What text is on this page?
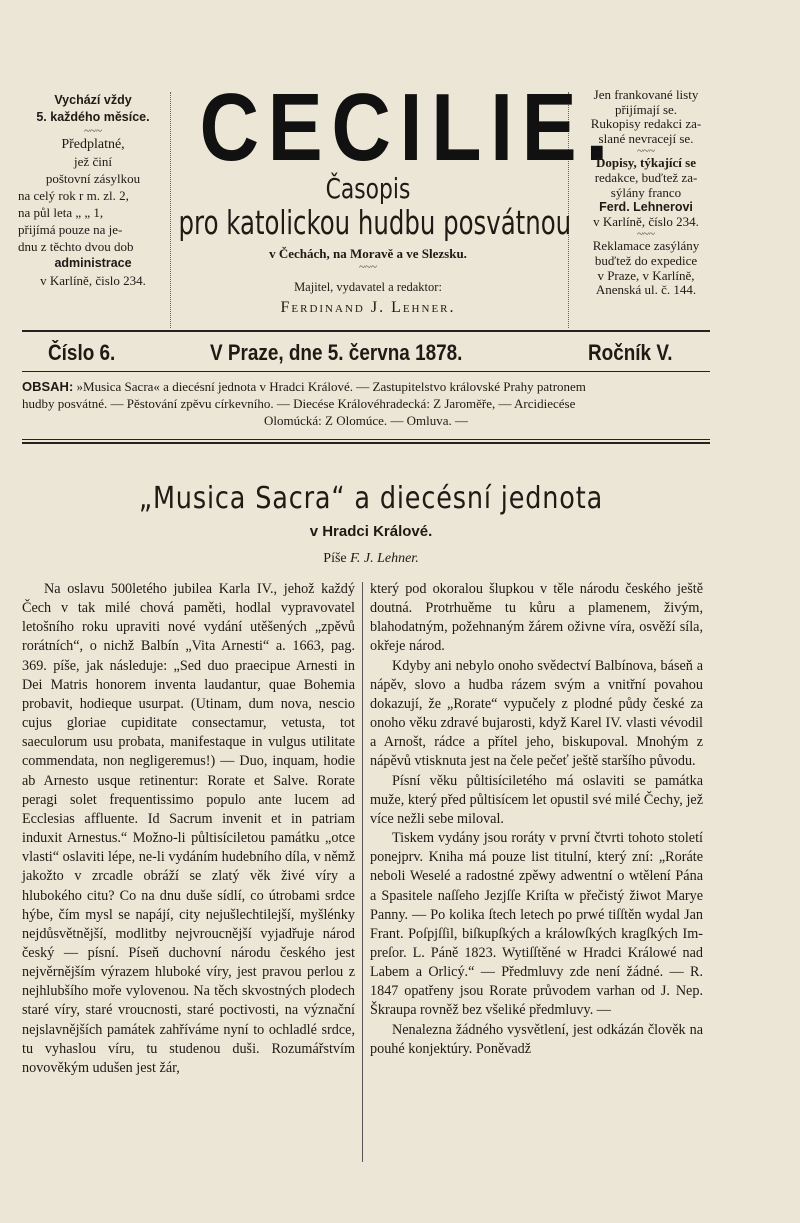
Vychází vždy
5. každého měsíce.
~~~
Předplatné,
jež činí
poštovní zásylkou
na celý rok r m. zl. 2,
na půl leta „ „ 1,
přijímá pouze na je-
dnu z těchto dvou dob
administrace
v Karlíně, čislo 234.
CECILIE.
Časopis
pro katolickou hudbu posvátnou
v Čechách, na Moravě a ve Slezsku.
~~~
Majitel, vydavatel a redaktor:
Ferdinand J. Lehner.
Jen frankované listy
přijímají se.
Rukopisy redakci za-
slané nevracejí se.
~~~
Dopisy, týkající se
redakce, buďtež za-
sýlány franco
Ferd. Lehnerovi
v Karlíně, číslo 234.
~~~
Reklamace zasýlány
buďtež do expedice
v Praze, v Karlíně,
Anenská ul. č. 144.
Číslo 6.	V Praze, dne 5. června 1878.	Ročník V.
OBSAH: »Musica Sacra« a diecésní jednota v Hradci Králové. — Zastupitelstvo královské Prahy patronem
hudby posvátné. — Pěstování zpěvu církevního. — Diecése Královéhradecká: Z Jaroměře, — Arcidiecése
Olomúcká: Z Olomúce. — Omluva. —
„Musica Sacra“ a diecésní jednota
v Hradci Králové.
Píše F. J. Lehner.

Na oslavu 500letého jubilea Karla IV., jehož každý Čech v tak milé chová paměti, hodlal vypravovatel letošního roku upraviti nové vydání utěšených „zpěvů rorátních“, o nichž Balbín „Vita Arnesti“ a. 1663, pag. 369. píše, jak následuje: „Sed duo praecipue Arnesti in Dei Matris honorem inventa laudantur, quae Bohemia probavit, hodieque usurpat. (Utinam, dum nova, nescio cujus gloriae cupiditate consectamur, vetusta, tot saeculorum usu probata, manifestaque in vulgus utilitate commendata, non negligeremus!) — Duo, inquam, hodie ab Arnesto usque retinentur: Rorate et Salve. Rorate peragi solet frequentissimo populo ante lucem ad Ecclesias affluente. Id Sacrum invenit et in patriam induxit Arnestus.“ Možno-li půltisíciletou památku „otce vlasti“ oslaviti lépe, ne-li vydáním hudebního díla, v němž jakožto v zrcadle obráží se zlatý věk živé víry a hlubokého citu? Co na dnu duše sídlí, co útrobami srdce hýbe, čím mysl se napájí, city nejušlechtilejší, myšlénky nejdůsvětnější, modlitby nejvroucnější vyjadřuje národ český — písní. Píseň duchovní národu českého jest nejvěrnějším výrazem hluboké víry, jest pravou perlou z nejhlubšího moře vylovenou. Na těch skvostných plodech staré víry, staré vroucnosti, staré poctivosti, na význační nejslavnějších památek zahříváme nyní to ochladlé srdce, tu vyhaslou víru, tu studenou duši. Rozumářstvím novověkým udušen jest žár,

který pod okoralou šlupkou v těle národu českého ještě doutná. Protrhuěme tu kůru a plamenem, živým, blahodatným, požehnaným žárem oživne víra, osvěží síla, okřeje národ.

Kdyby ani nebylo onoho svědectví Balbínova, báseň a nápěv, slovo a hudba rázem svým a vnitřní povahou dokazují, že „Rorate“ vypučely z plodné půdy české za onoho věku zdravé bujarosti, když Karel IV. vlasti vévodil a Arnošt, rádce a přítel jeho, biskupoval. Mnohým z nápěvů vtisknuta jest na čele pečeť ještě staršího původu.

Písní věku půltisíciletého má oslaviti se památka muže, který před půltisícem let opustil své milé Čechy, jež více nežli sebe miloval.

Tiskem vydány jsou roráty v první čtvrti tohoto století ponejprv. Kniha má pouze list titulní, který zní: „Roráte neboli Weselé a radostné zpěwy adwentní o wtělení Pána a Spasitele naſſeho Jezjſſe Kriſta w přečistý žiwot Marye Panny. — Po kolika ſtech letech po prwé tiſſtěn wydal Jan Frant. Poſpjſſil, biſkupſkých a králowſkých kragſkých Im-preſor. L. Páně 1823. Wytiſſtěné w Hradci Králowé nad Labem a Orlicý.“ — Předmluvy zde není žádné. — R. 1847 opatřeny jsou Rorate průvodem varhan od J. Nep. Škraupa rovněž bez všeliké předmluvy. —

Nenalezna žádného vysvětlení, jest odkázán člověk na pouhé konjektúry. Poněvadž
